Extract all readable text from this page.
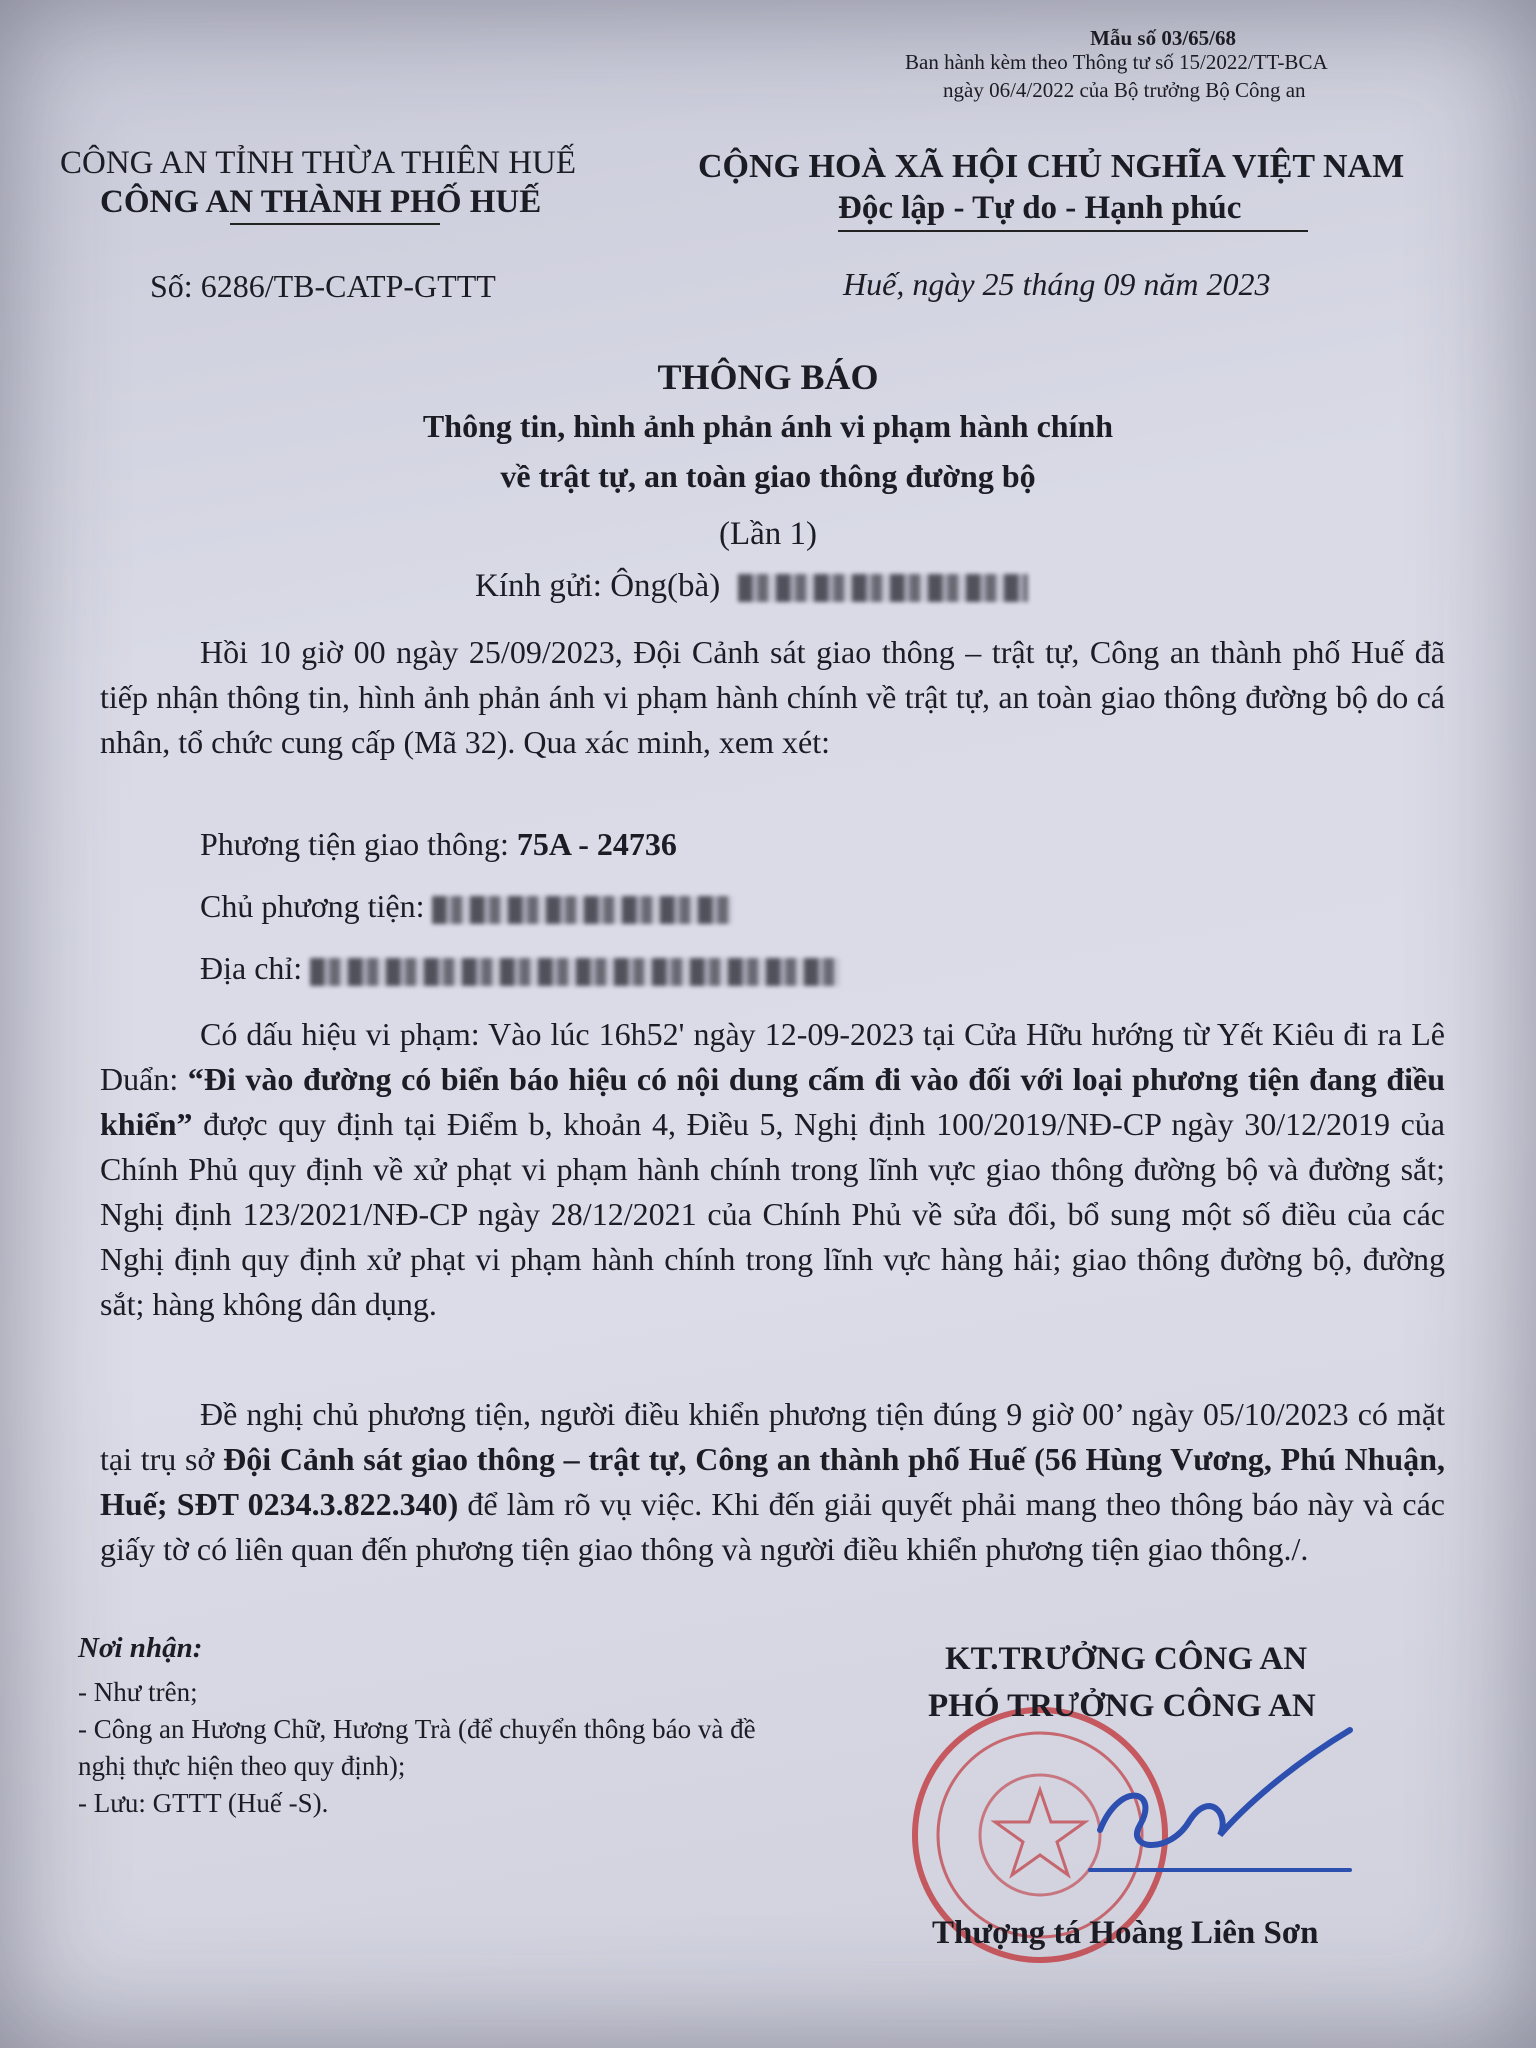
Mẫu số 03/65/68
Ban hành kèm theo Thông tư số 15/2022/TT-BCA
ngày 06/4/2022 của Bộ trưởng Bộ Công an
CÔNG AN TỈNH THỪA THIÊN HUẾ
CÔNG AN THÀNH PHỐ HUẾ
CỘNG HOÀ XÃ HỘI CHỦ NGHĨA VIỆT NAM
Độc lập - Tự do - Hạnh phúc
Số: 6286/TB-CATP-GTTT	Huế, ngày 25 tháng 09 năm 2023
THÔNG BÁO
Thông tin, hình ảnh phản ánh vi phạm hành chính
về trật tự, an toàn giao thông đường bộ
(Lần 1)
Kính gửi: Ông(bà)
Hồi 10 giờ 00 ngày 25/09/2023, Đội Cảnh sát giao thông – trật tự, Công an thành phố Huế đã tiếp nhận thông tin, hình ảnh phản ánh vi phạm hành chính về trật tự, an toàn giao thông đường bộ do cá nhân, tổ chức cung cấp (Mã 32). Qua xác minh, xem xét:
Phương tiện giao thông: 75A - 24736
Chủ phương tiện:
Địa chỉ:
Có dấu hiệu vi phạm: Vào lúc 16h52' ngày 12-09-2023 tại Cửa Hữu hướng từ Yết Kiêu đi ra Lê Duẩn: “Đi vào đường có biển báo hiệu có nội dung cấm đi vào đối với loại phương tiện đang điều khiển” được quy định tại Điểm b, khoản 4, Điều 5, Nghị định 100/2019/NĐ-CP ngày 30/12/2019 của Chính Phủ quy định về xử phạt vi phạm hành chính trong lĩnh vực giao thông đường bộ và đường sắt; Nghị định 123/2021/NĐ-CP ngày 28/12/2021 của Chính Phủ về sửa đổi, bổ sung một số điều của các Nghị định quy định xử phạt vi phạm hành chính trong lĩnh vực hàng hải; giao thông đường bộ, đường sắt; hàng không dân dụng.
Đề nghị chủ phương tiện, người điều khiển phương tiện đúng 9 giờ 00’ ngày 05/10/2023 có mặt tại trụ sở Đội Cảnh sát giao thông – trật tự, Công an thành phố Huế (56 Hùng Vương, Phú Nhuận, Huế; SĐT 0234.3.822.340) để làm rõ vụ việc. Khi đến giải quyết phải mang theo thông báo này và các giấy tờ có liên quan đến phương tiện giao thông và người điều khiển phương tiện giao thông./.
Nơi nhận:
- Như trên;
- Công an Hương Chữ, Hương Trà (để chuyển thông báo và đề nghị thực hiện theo quy định);
- Lưu: GTTT (Huế -S).
KT.TRƯỞNG CÔNG AN
PHÓ TRƯỞNG CÔNG AN
Thượng tá Hoàng Liên Sơn
